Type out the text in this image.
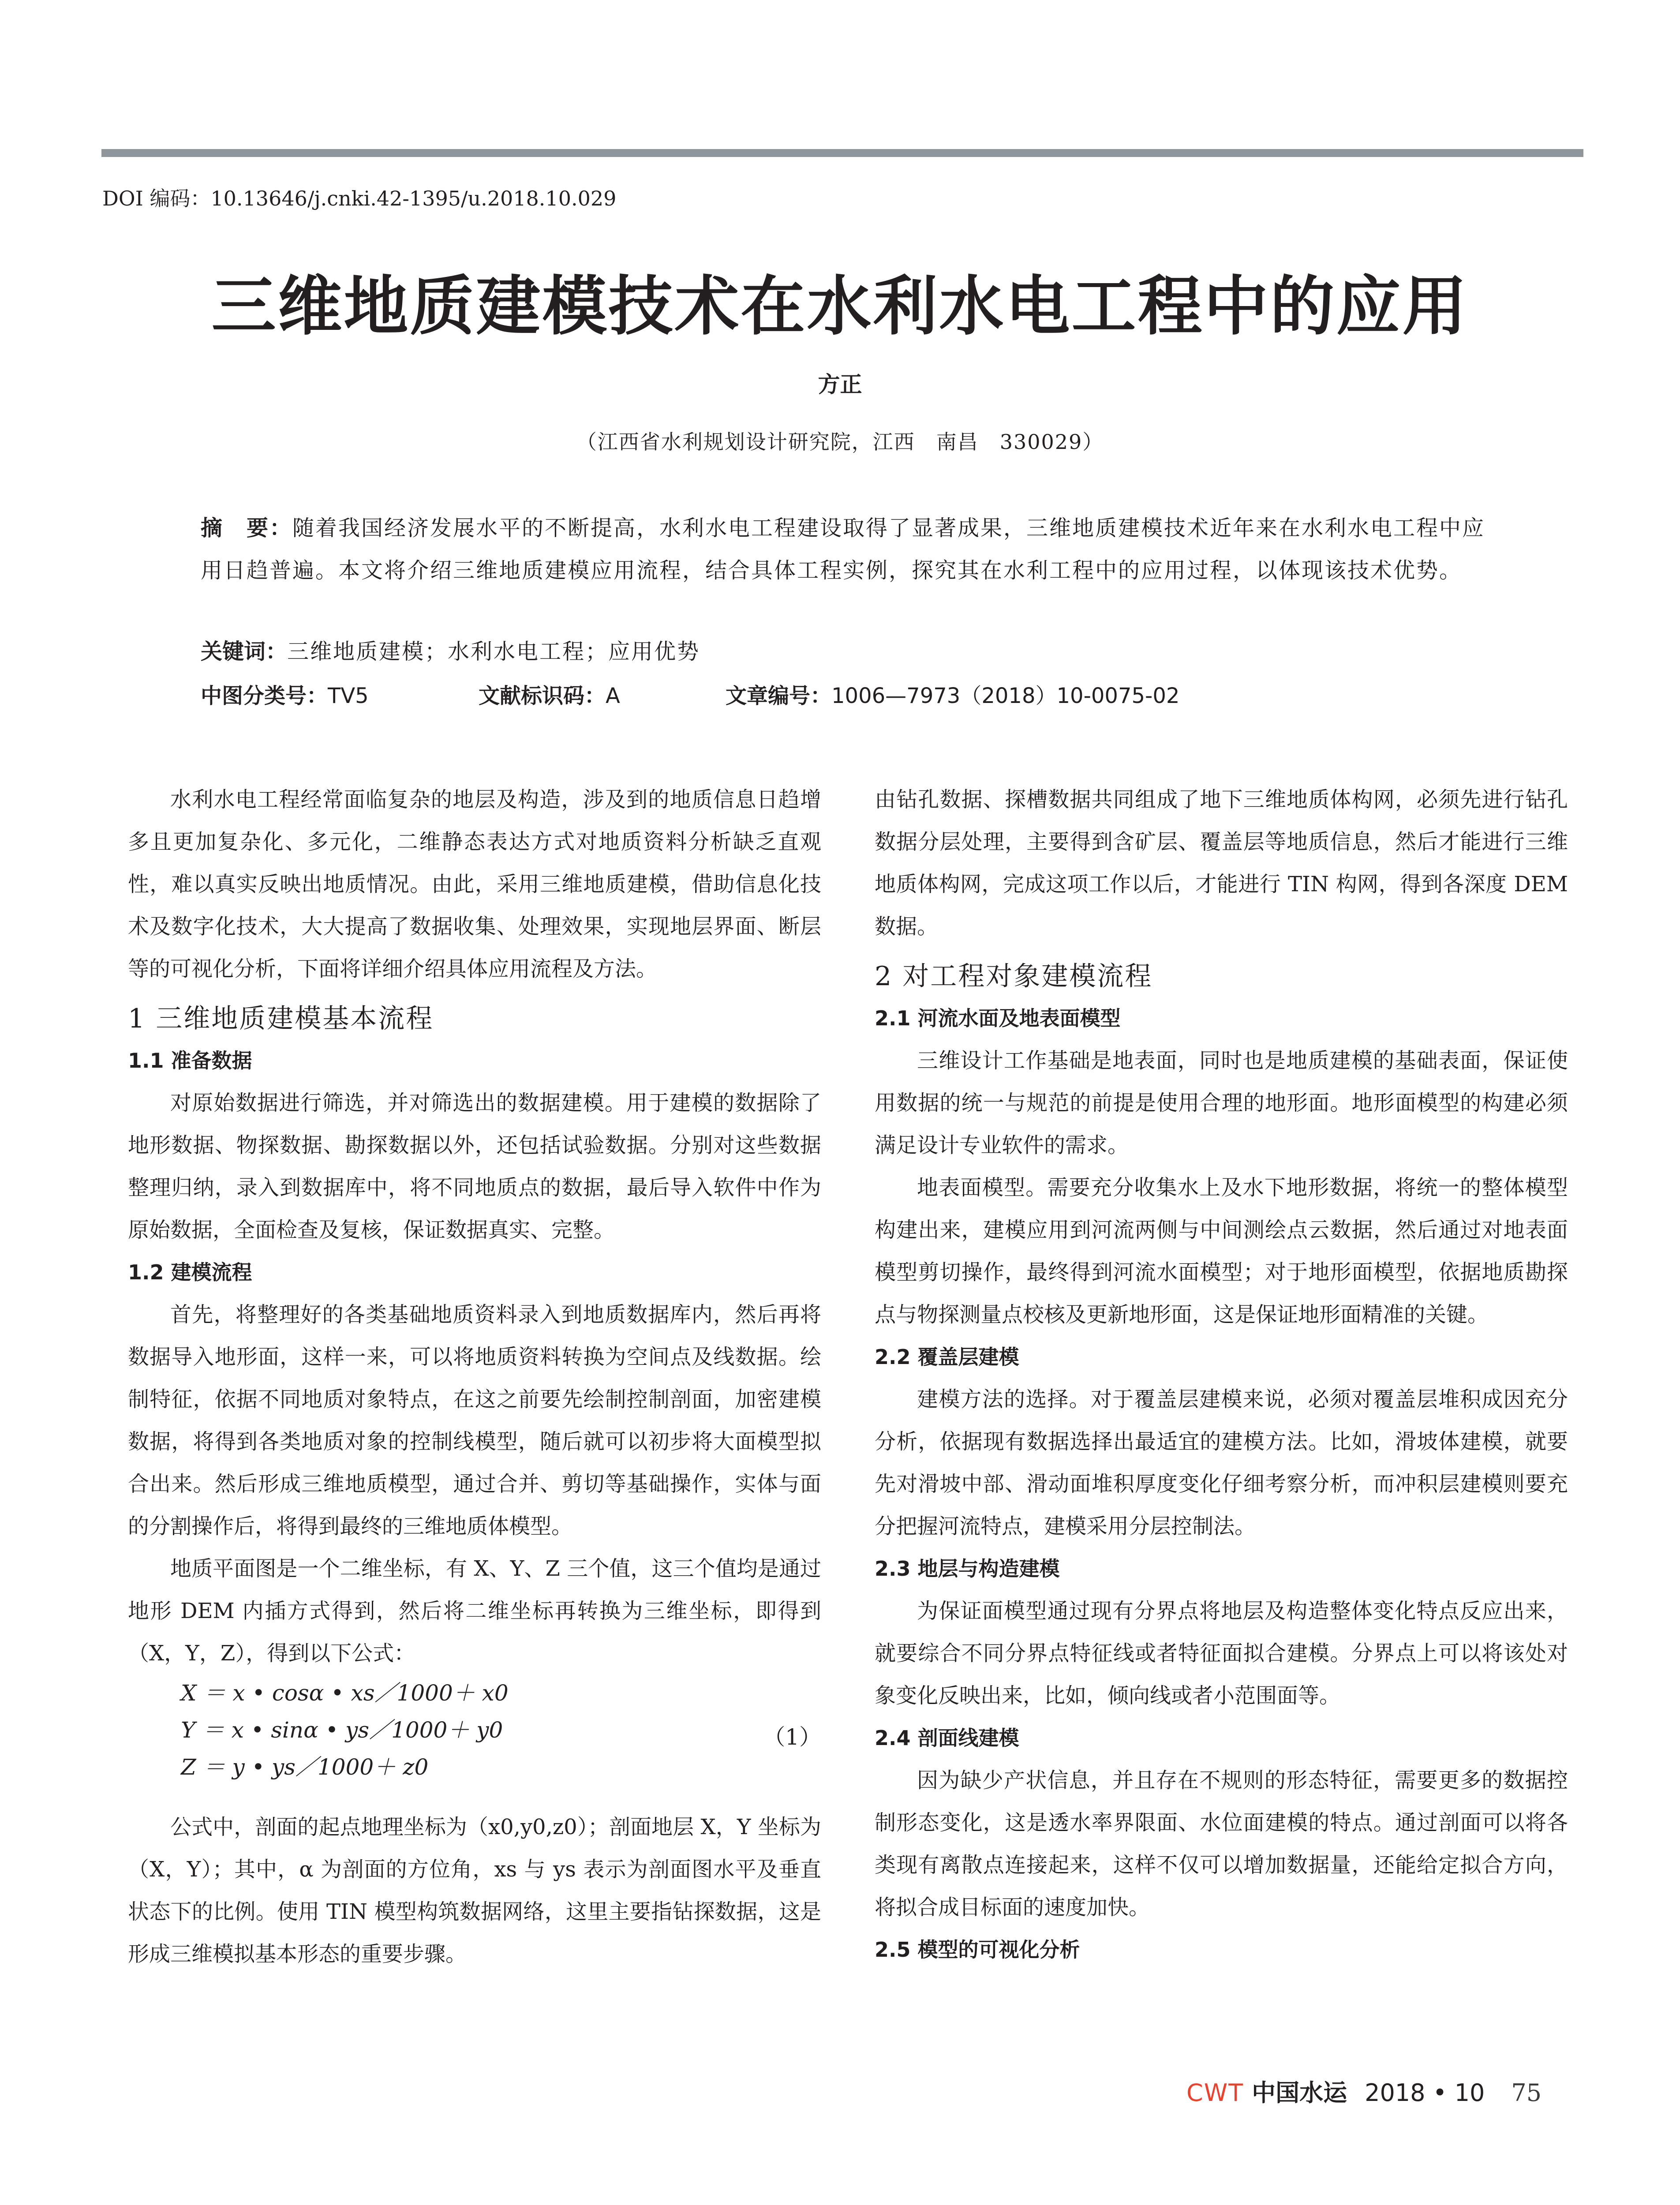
DOI 编码：10.13646/j.cnki.42-1395/u.2018.10.029
三维地质建模技术在水利水电工程中的应用
方正
（江西省水利规划设计研究院，江西　南昌　330029）
摘　要：随着我国经济发展水平的不断提高，水利水电工程建设取得了显著成果，三维地质建模技术近年来在水利水电工程中应用日趋普遍。本文将介绍三维地质建模应用流程，结合具体工程实例，探究其在水利工程中的应用过程，以体现该技术优势。
关键词：三维地质建模；水利水电工程；应用优势
中图分类号：TV5	文献标识码：A	文章编号：1006—7973（2018）10-0075-02

水利水电工程经常面临复杂的地层及构造，涉及到的地质信息日趋增多且更加复杂化、多元化，二维静态表达方式对地质资料分析缺乏直观性，难以真实反映出地质情况。由此，采用三维地质建模，借助信息化技术及数字化技术，大大提高了数据收集、处理效果，实现地层界面、断层等的可视化分析，下面将详细介绍具体应用流程及方法。

1 三维地质建模基本流程
1.1 准备数据

对原始数据进行筛选，并对筛选出的数据建模。用于建模的数据除了地形数据、物探数据、勘探数据以外，还包括试验数据。分别对这些数据整理归纳，录入到数据库中，将不同地质点的数据，最后导入软件中作为原始数据，全面检查及复核，保证数据真实、完整。

1.2 建模流程

首先，将整理好的各类基础地质资料录入到地质数据库内，然后再将数据导入地形面，这样一来，可以将地质资料转换为空间点及线数据。绘制特征，依据不同地质对象特点，在这之前要先绘制控制剖面，加密建模数据，将得到各类地质对象的控制线模型，随后就可以初步将大面模型拟合出来。然后形成三维地质模型，通过合并、剪切等基础操作，实体与面的分割操作后，将得到最终的三维地质体模型。

地质平面图是一个二维坐标，有 X、Y、Z 三个值，这三个值均是通过地形 DEM 内插方式得到，然后将二维坐标再转换为三维坐标，即得到（X，Y，Z），得到以下公式：

X ＝ x • cosα • xs／1000＋ x0
Y ＝ x • sinα • ys／1000＋ y0
Z ＝ y • ys／1000＋ z0
（1）

公式中，剖面的起点地理坐标为（x0,y0,z0）；剖面地层 X，Y 坐标为（X，Y）；其中，α 为剖面的方位角，xs 与 ys 表示为剖面图水平及垂直状态下的比例。使用 TIN 模型构筑数据网络，这里主要指钻探数据，这是形成三维模拟基本形态的重要步骤。

由钻孔数据、探槽数据共同组成了地下三维地质体构网，必须先进行钻孔数据分层处理，主要得到含矿层、覆盖层等地质信息，然后才能进行三维地质体构网，完成这项工作以后，才能进行 TIN 构网，得到各深度 DEM 数据。

2 对工程对象建模流程
2.1 河流水面及地表面模型

三维设计工作基础是地表面，同时也是地质建模的基础表面，保证使用数据的统一与规范的前提是使用合理的地形面。地形面模型的构建必须满足设计专业软件的需求。

地表面模型。需要充分收集水上及水下地形数据，将统一的整体模型构建出来，建模应用到河流两侧与中间测绘点云数据，然后通过对地表面模型剪切操作，最终得到河流水面模型；对于地形面模型，依据地质勘探点与物探测量点校核及更新地形面，这是保证地形面精准的关键。

2.2 覆盖层建模

建模方法的选择。对于覆盖层建模来说，必须对覆盖层堆积成因充分分析，依据现有数据选择出最适宜的建模方法。比如，滑坡体建模，就要先对滑坡中部、滑动面堆积厚度变化仔细考察分析，而冲积层建模则要充分把握河流特点，建模采用分层控制法。

2.3 地层与构造建模

为保证面模型通过现有分界点将地层及构造整体变化特点反应出来，就要综合不同分界点特征线或者特征面拟合建模。分界点上可以将该处对象变化反映出来，比如，倾向线或者小范围面等。

2.4 剖面线建模

因为缺少产状信息，并且存在不规则的形态特征，需要更多的数据控制形态变化，这是透水率界限面、水位面建模的特点。通过剖面可以将各类现有离散点连接起来，这样不仅可以增加数据量，还能给定拟合方向，将拟合成目标面的速度加快。

2.5 模型的可视化分析
CWT 中国水运 2018 • 10 75
